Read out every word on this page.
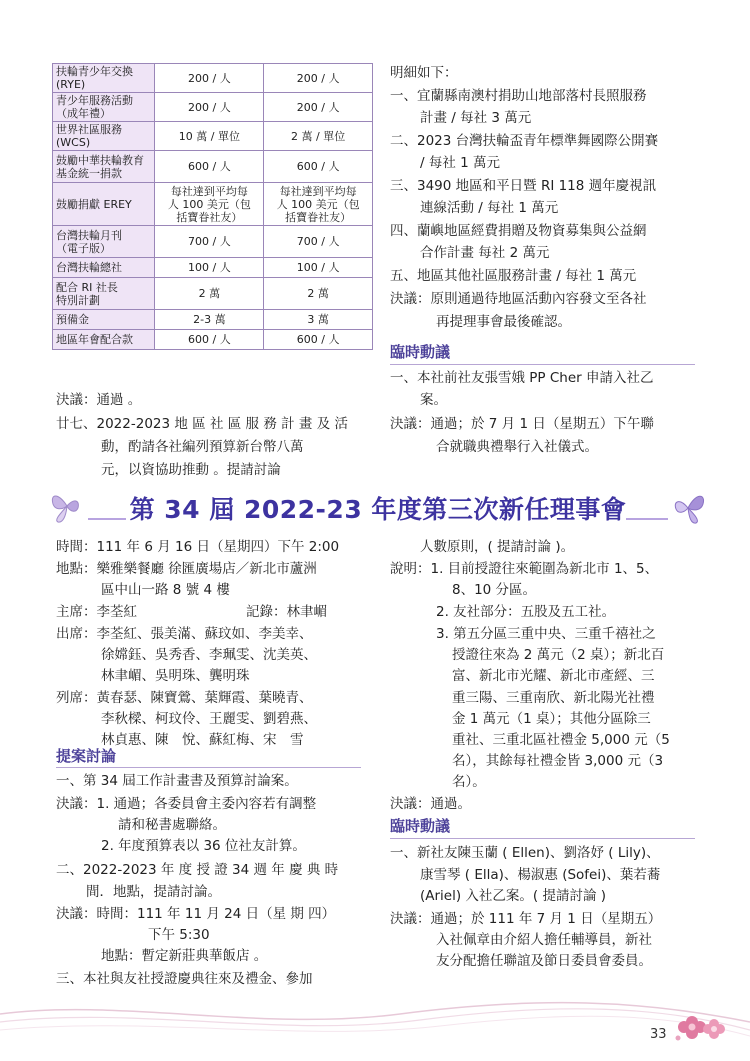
扶輪青少年交換
(RYE)	200 / 人	200 / 人
青少年服務活動
（成年禮）	200 / 人	200 / 人
世界社區服務
(WCS)	10 萬 / 單位	2 萬 / 單位
鼓勵中華扶輪教育
基金統一捐款	600 / 人	600 / 人
鼓勵捐獻 EREY	每社達到平均每
人 100 美元（包
括寶眷社友）	每社達到平均每
人 100 美元（包
括寶眷社友）
台灣扶輪月刊
（電子版）	700 / 人	700 / 人
台灣扶輪總社	100 / 人	100 / 人
配合 RI 社長
特別計劃	2 萬	2 萬
預備金	2-3 萬	3 萬
地區年會配合款	600 / 人	600 / 人
決議：通過 。
廿七、2022-2023 地 區 社 區 服 務 計 畫 及 活
動，酌請各社編列預算新台幣八萬
元，以資協助推動 。提請討論
明細如下：
一、宜蘭縣南澳村捐助山地部落村長照服務
計畫 / 每社 3 萬元
二、2023 台灣扶輪盃青年標準舞國際公開賽
/ 每社 1 萬元
三、3490 地區和平日暨 RI 118 週年慶視訊
連線活動 / 每社 1 萬元
四、蘭嶼地區經費捐贈及物資募集與公益網
合作計畫 每社 2 萬元
五、地區其他社區服務計畫 / 每社 1 萬元
決議：原則通過待地區活動內容發文至各社
再提理事會最後確認。
臨時動議
一、本社前社友張雪娥 PP Cher 申請入社乙
案。
決議：通過；於 7 月 1 日（星期五）下午聯
合就職典禮舉行入社儀式。
第 34 屆 2022-23 年度第三次新任理事會
時間：111 年 6 月 16 日（星期四）下午 2:00
地點：樂雅樂餐廳 徐匯廣場店／新北市蘆洲
區中山一路 8 號 4 樓
主席：李荃紅	記錄：林聿嵋
出席：李荃紅、張美滿、蘇玟如、李美幸、
徐嫦鈺、吳秀香、李珮雯、沈美英、
林聿嵋、吳明珠、龔明珠
列席：黃春瑟、陳寶鶯、葉輝霞、葉曉青、
李秋樑、柯玟伶、王麗雯、劉碧燕、
林貞惠、陳　悅、蘇紅梅、宋　雪
提案討論
一、第 34 屆工作計畫書及預算討論案。
決議：1. 通過；各委員會主委內容若有調整
請和秘書處聯絡。
2. 年度預算表以 36 位社友計算。
二、2022-2023 年 度 授 證 34 週 年 慶 典 時
間．地點，提請討論。
決議：時間：111 年 11 月 24 日（星 期 四）
下午 5:30
地點：暫定新莊典華飯店 。
三、本社與友社授證慶典往來及禮金、參加
人數原則，( 提請討論 )。
說明：1. 目前授證往來範圍為新北市 1、5、
8、10 分區。
2. 友社部分：五股及五工社。
3. 第五分區三重中央、三重千禧社之
授證往來為 2 萬元（2 桌）；新北百
富、新北市光耀、新北市產經、三
重三陽、三重南欣、新北陽光社禮
金 1 萬元（1 桌）；其他分區除三
重社、三重北區社禮金 5,000 元（5
名），其餘每社禮金皆 3,000 元（3
名）。
決議：通過。
臨時動議
一、新社友陳玉蘭 ( Ellen)、劉洛妤 ( Lily)、
康雪琴 ( Ella)、楊淑惠 (Sofei)、葉若蕎
(Ariel) 入社乙案。( 提請討論 )
決議：通過；於 111 年 7 月 1 日（星期五）
入社佩章由介紹人擔任輔導員，新社
友分配擔任聯誼及節日委員會委員。
33
